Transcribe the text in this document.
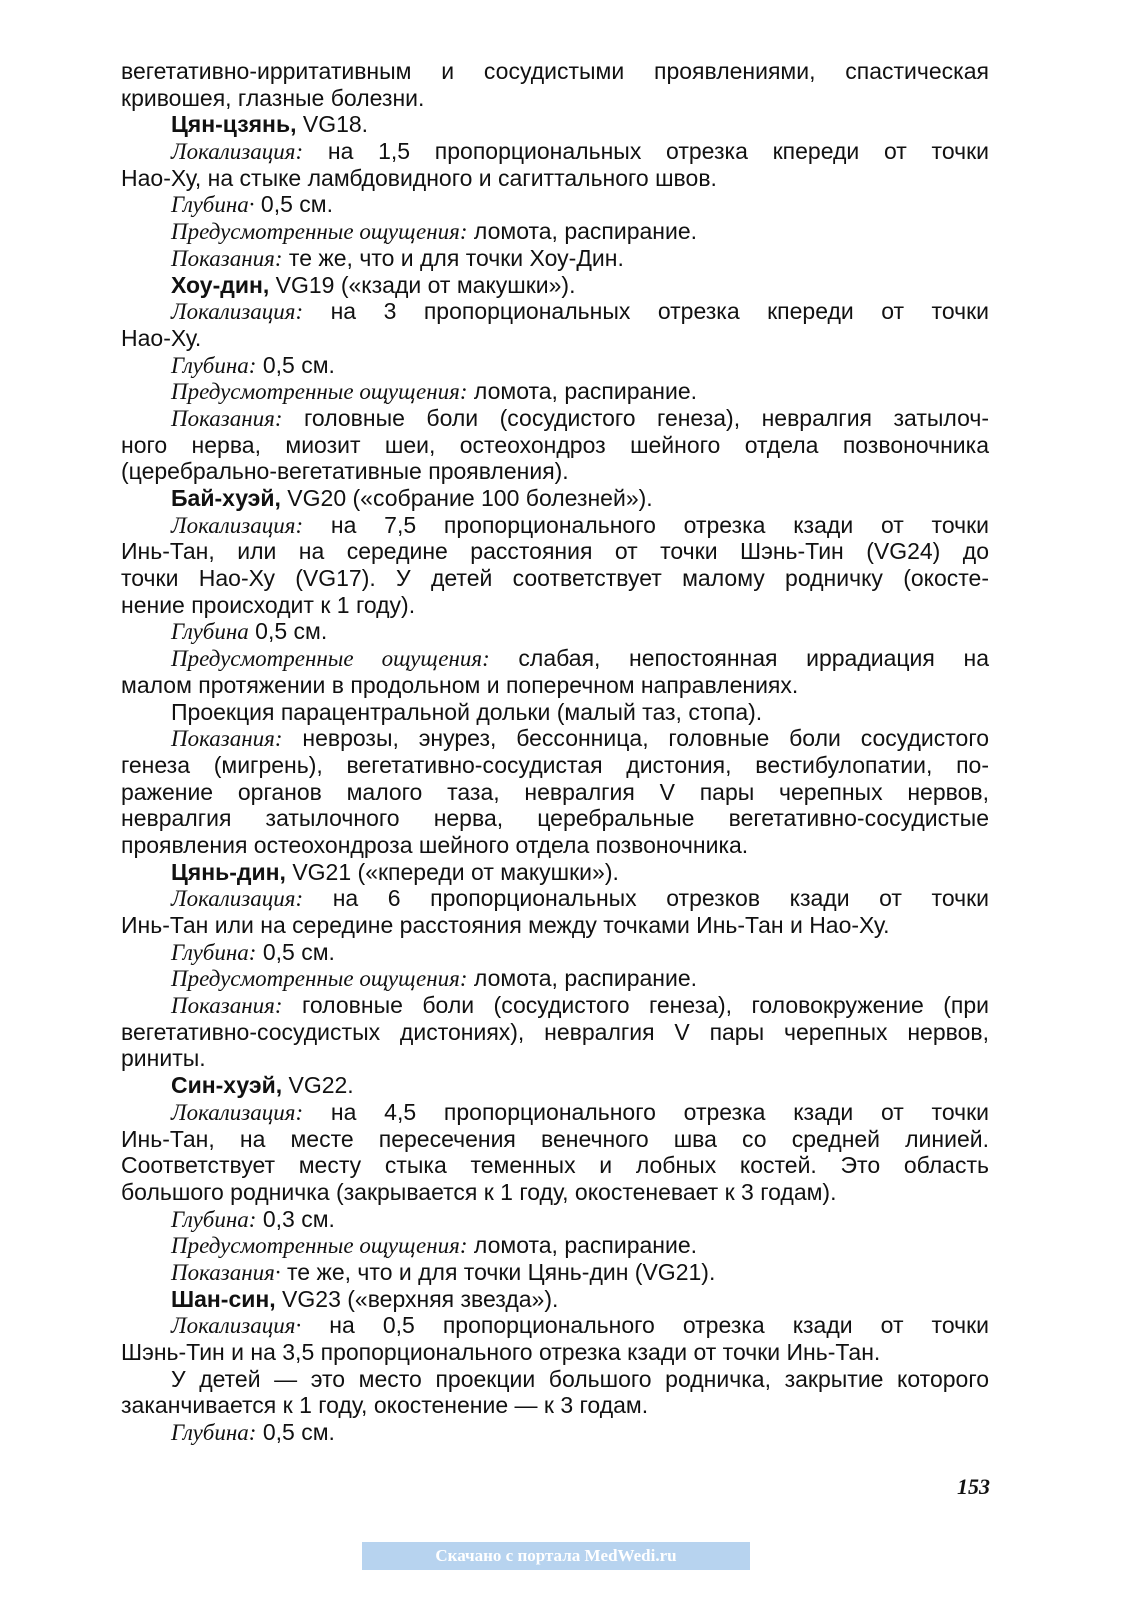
вегетативно-ирритативным и сосудистыми проявлениями, спастическая
кривошея, глазные болезни.
Цян-цзянь, VG18.
Локализация: на 1,5 пропорциональных отрезка кпереди от точки
Нао-Ху, на стыке ламбдовидного и сагиттального швов.
Глубина· 0,5 см.
Предусмотренные ощущения: ломота, распирание.
Показания: те же, что и для точки Хоу-Дин.
Хоу-дин, VG19 («кзади от макушки»).
Локализация: на 3 пропорциональных отрезка кпереди от точки
Нао-Ху.
Глубина: 0,5 см.
Предусмотренные ощущения: ломота, распирание.
Показания: головные боли (сосудистого генеза), невралгия затылоч-
ного нерва, миозит шеи, остеохондроз шейного отдела позвоночника
(церебрально-вегетативные проявления).
Бай-хуэй, VG20 («собрание 100 болезней»).
Локализация: на 7,5 пропорционального отрезка кзади от точки
Инь-Тан, или на середине расстояния от точки Шэнь-Тин (VG24) до
точки Нао-Ху (VG17). У детей соответствует малому родничку (окосте-
нение происходит к 1 году).
Глубина 0,5 см.
Предусмотренные ощущения: слабая, непостоянная иррадиация на
малом протяжении в продольном и поперечном направлениях.
Проекция парацентральной дольки (малый таз, стопа).
Показания: неврозы, энурез, бессонница, головные боли сосудистого
генеза (мигрень), вегетативно-сосудистая дистония, вестибулопатии, по-
ражение органов малого таза, невралгия V пары черепных нервов,
невралгия затылочного нерва, церебральные вегетативно-сосудистые
проявления остеохондроза шейного отдела позвоночника.
Цянь-дин, VG21 («кпереди от макушки»).
Локализация: на 6 пропорциональных отрезков кзади от точки
Инь-Тан или на середине расстояния между точками Инь-Тан и Нао-Ху.
Глубина: 0,5 см.
Предусмотренные ощущения: ломота, распирание.
Показания: головные боли (сосудистого генеза), головокружение (при
вегетативно-сосудистых дистониях), невралгия V пары черепных нервов,
риниты.
Син-хуэй, VG22.
Локализация: на 4,5 пропорционального отрезка кзади от точки
Инь-Тан, на месте пересечения венечного шва со средней линией.
Соответствует месту стыка теменных и лобных костей. Это область
большого родничка (закрывается к 1 году, окостеневает к 3 годам).
Глубина: 0,3 см.
Предусмотренные ощущения: ломота, распирание.
Показания· те же, что и для точки Цянь-дин (VG21).
Шан-син, VG23 («верхняя звезда»).
Локализация· на 0,5 пропорционального отрезка кзади от точки
Шэнь-Тин и на 3,5 пропорционального отрезка кзади от точки Инь-Тан.
У детей — это место проекции большого родничка, закрытие которого
заканчивается к 1 году, окостенение — к 3 годам.
Глубина: 0,5 см.
153
Скачано с портала MedWedi.ru
